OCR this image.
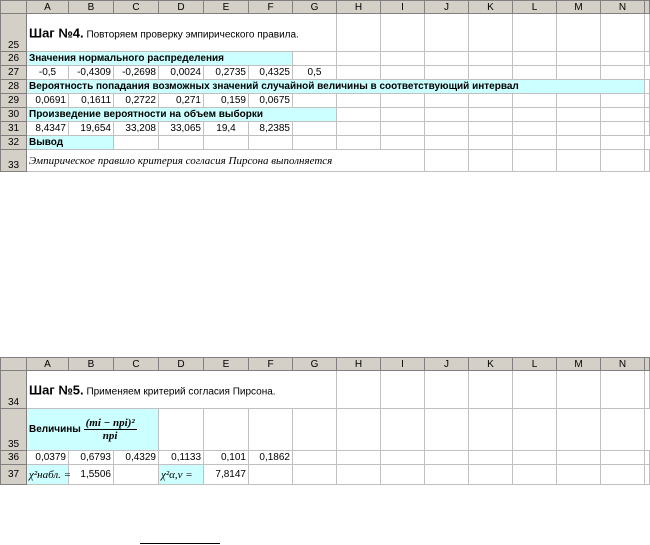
	A	B	C	D	E	F	G	H	I	J	K	L	M	N	
25	Шаг №4. Повторяем проверку эмпирического правила.														

26	Значения нормального распределения														
27	-0,5	-0,4309	-0,2698	0,0024	0,2735	0,4325	0,5								
28	Вероятность попадания возможных значений случайной величины в соответствующий интервал														
29	0,0691	0,1611	0,2722	0,271	0,159	0,0675									
30	Произведение вероятности на объем выборки														
31	8,4347	19,654	33,208	33,065	19,4	8,2385									
32	Вывод														
33	Эмпирическое правило критерия согласия Пирсона выполняется														

	A	B	C	D	E	F	G	H	I	J	K	L	M	N	
34	Шаг №5. Применяем критерий согласия Пирсона.														

35	Величины $\frac{\text{(mi − npi)²}}{\text{npi}}$

36	0,0379	0,6793	0,4329	0,1133	0,101	0,1862									
37	χ²набл. =	1,5506		χ²α,ν =	7,8147										
